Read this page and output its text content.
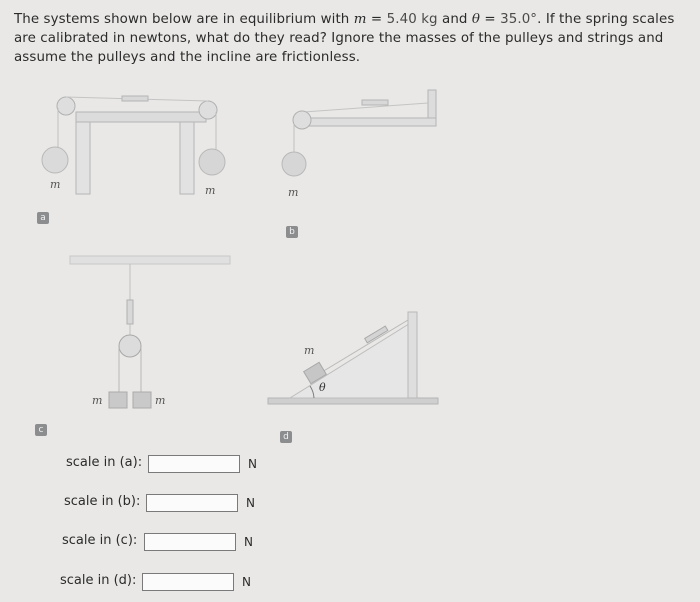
The systems shown below are in equilibrium with m = 5.40 kg and θ = 35.0°. If the spring scales are calibrated in newtons, what do they read? Ignore the masses of the pulleys and strings and assume the pulleys and the incline are frictionless.
a
b
c
d
m	m	m
m	m
m
θ
scale in (a):	N
scale in (b):	N
scale in (c):	N
scale in (d):	N
